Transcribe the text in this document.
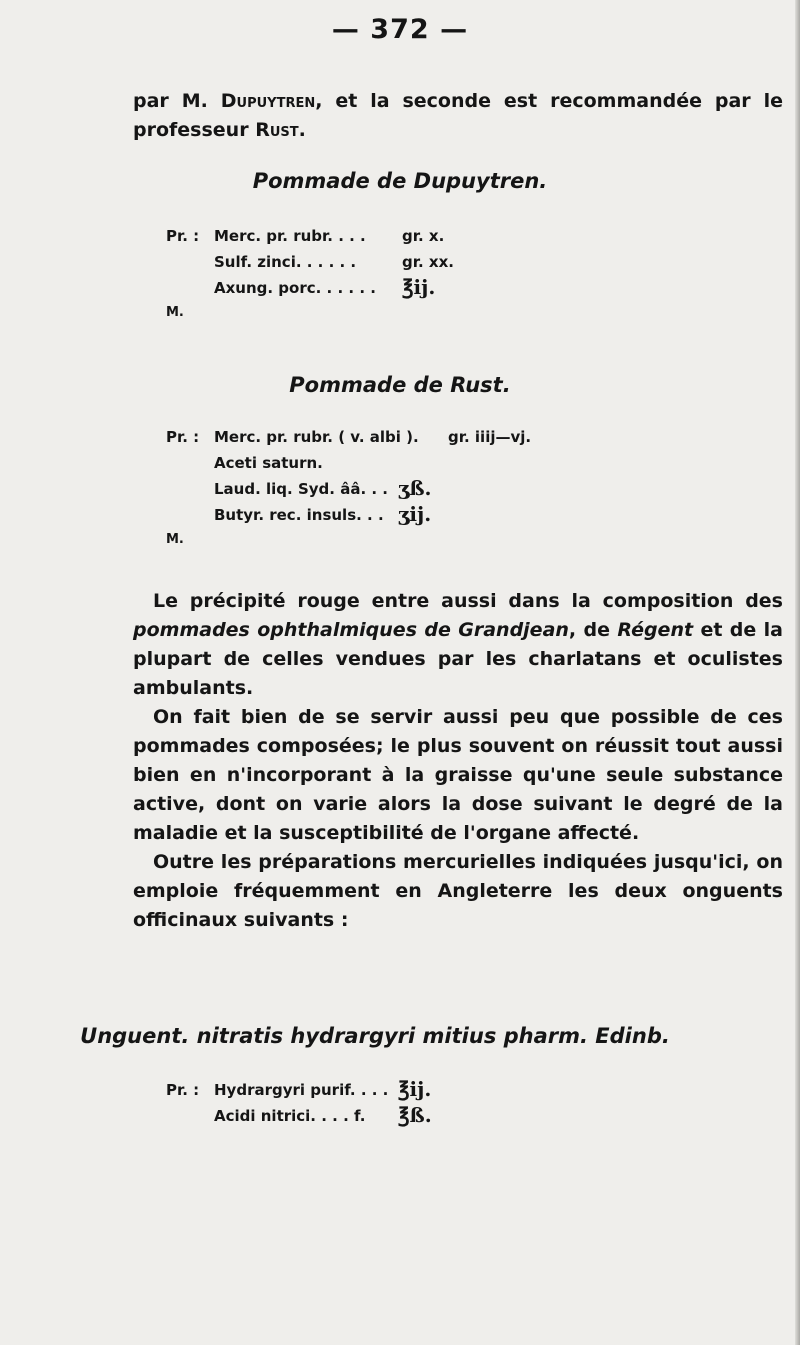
— 372 —

par M. Dupuytren, et la seconde est recommandée par le professeur Rust.

Pommade de Dupuytren.
Pr. : Merc. pr. rubr. . . . gr. x.
Sulf. zinci. . . . . .	gr. xx.
Axung. porc. . . . . . ℥ij.
M.
Pommade de Rust.
Pr. : Merc. pr. rubr. ( v. albi ). gr. iiij—vj.
Aceti saturn.
Laud. liq. Syd. ââ. . . ʒß.
Butyr. rec. insuls. . . ʒij.
M.

Le précipité rouge entre aussi dans la composition des pommades ophthalmiques de Grandjean, de Régent et de la plupart de celles vendues par les charlatans et oculistes ambulants.

On fait bien de se servir aussi peu que possible de ces pommades composées; le plus souvent on réussit tout aussi bien en n'incorporant à la graisse qu'une seule substance active, dont on varie alors la dose suivant le degré de la maladie et la susceptibilité de l'organe affecté.

Outre les préparations mercurielles indiquées jusqu'ici, on emploie fréquemment en Angleterre les deux onguents officinaux suivants :

Unguent. nitratis hydrargyri mitius pharm. Edinb.
Pr. : Hydrargyri purif. . . . ℥ij.
Acidi nitrici. . . . f. ℥ß.
